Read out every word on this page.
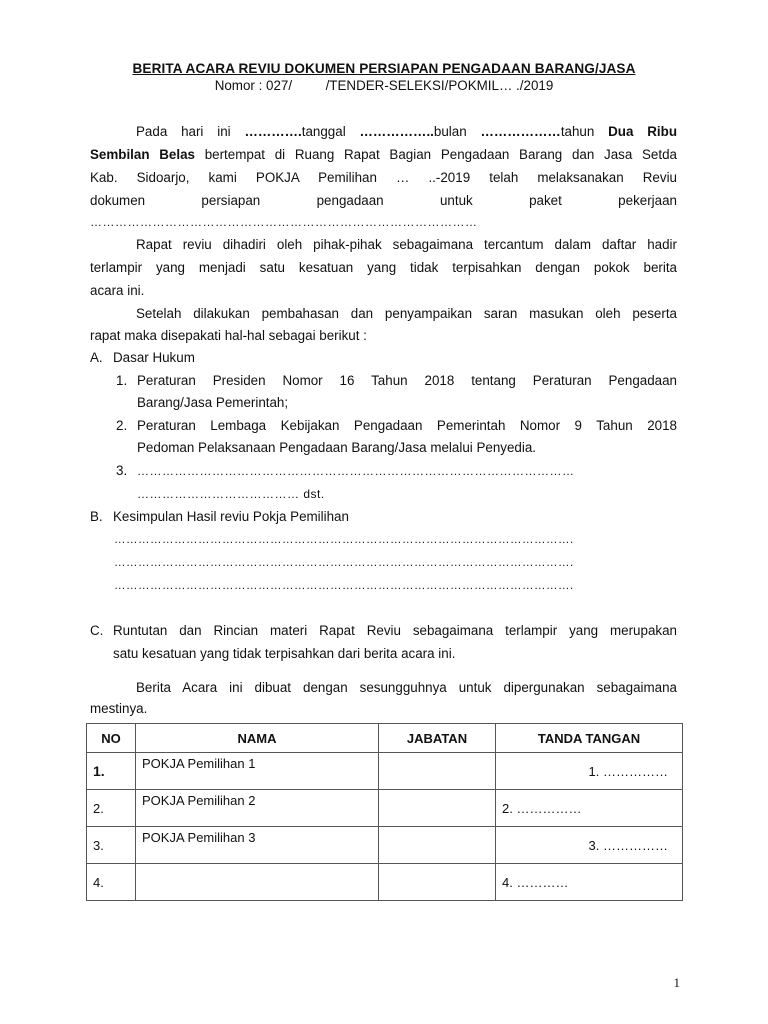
BERITA ACARA REVIU DOKUMEN PERSIAPAN PENGADAAN BARANG/JASA
Nomor : 027/         /TENDER-SELEKSI/POKMIL… ./2019
Pada hari ini ………….tanggal ……………..bulan ………………tahun Dua Ribu
Sembilan Belas bertempat di Ruang Rapat Bagian Pengadaan Barang dan Jasa Setda
Kab. Sidoarjo, kami POKJA Pemilihan … ..-2019 telah melaksanakan Reviu
dokumen persiapan pengadaan untuk paket pekerjaan
…………………………………………………………………………………
Rapat reviu dihadiri oleh pihak-pihak sebagaimana tercantum dalam daftar hadir
terlampir yang menjadi satu kesatuan yang tidak terpisahkan dengan pokok berita
acara ini.
Setelah dilakukan pembahasan dan penyampaikan saran masukan oleh peserta
rapat maka disepakati hal-hal sebagai berikut :
A. Dasar Hukum
1. Peraturan Presiden Nomor 16 Tahun 2018 tentang Peraturan Pengadaan
Barang/Jasa Pemerintah;
2. Peraturan Lembaga Kebijakan Pengadaan Pemerintah Nomor 9 Tahun 2018
Pedoman Pelaksanaan Pengadaan Barang/Jasa melalui Penyedia.
3. ……………………………………………………………………………………………
………………………………… dst.
B. Kesimpulan Hasil reviu Pokja Pemilihan
…………………………………………………………………………………………………….
…………………………………………………………………………………………………….
…………………………………………………………………………………………………….
C. Runtutan dan Rincian materi Rapat Reviu sebagaimana terlampir yang merupakan
satu kesatuan yang tidak terpisahkan dari berita acara ini.
Berita Acara ini dibuat dengan sesungguhnya untuk dipergunakan sebagaimana
mestinya.
NO	NAMA	JABATAN	TANDA TANGAN
1.	POKJA Pemilihan 1		1. ……………
2.	POKJA Pemilihan 2		2. ……………
3.	POKJA Pemilihan 3		3. ……………
4.			4. …………
1
